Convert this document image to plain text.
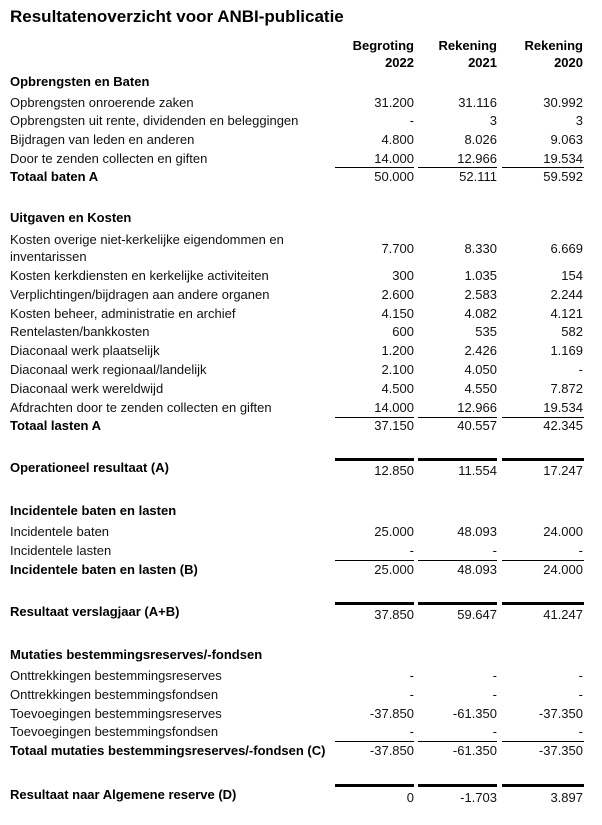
Resultatenoverzicht voor ANBI-publicatie
Begroting	Rekening	Rekening
2022	2021	2020
Opbrengsten en Baten
Opbrengsten onroerende zaken	31.200	31.116	30.992
Opbrengsten uit rente, dividenden en beleggingen	-	3	3
Bijdragen van leden en anderen	4.800	8.026	9.063
Door te zenden collecten en giften	14.000	12.966	19.534
Totaal baten A	50.000	52.111	59.592
Uitgaven en Kosten
Kosten overige niet-kerkelijke eigendommen en inventarissen
7.700	8.330	6.669
Kosten kerkdiensten en kerkelijke activiteiten	300	1.035	154
Verplichtingen/bijdragen aan andere organen	2.600	2.583	2.244
Kosten beheer, administratie en archief	4.150	4.082	4.121
Rentelasten/bankkosten	600	535	582
Diaconaal werk plaatselijk	1.200	2.426	1.169
Diaconaal werk regionaal/landelijk	2.100	4.050	-
Diaconaal werk wereldwijd	4.500	4.550	7.872
Afdrachten door te zenden collecten en giften	14.000	12.966	19.534
Totaal lasten A	37.150	40.557	42.345
Operationeel resultaat (A)	12.850	11.554	17.247
Incidentele baten en lasten
Incidentele baten	25.000	48.093	24.000
Incidentele lasten	-	-	-
Incidentele baten en lasten (B)	25.000	48.093	24.000
Resultaat verslagjaar (A+B)	37.850	59.647	41.247
Mutaties bestemmingsreserves/-fondsen
Onttrekkingen bestemmingsreserves	-	-	-
Onttrekkingen bestemmingsfondsen	-	-	-
Toevoegingen bestemmingsreserves	-37.850	-61.350	-37.350
Toevoegingen bestemmingsfondsen	-	-	-
Totaal mutaties bestemmingsreserves/-fondsen (C)	-37.850	-61.350	-37.350
Resultaat naar Algemene reserve (D)	0	-1.703	3.897
